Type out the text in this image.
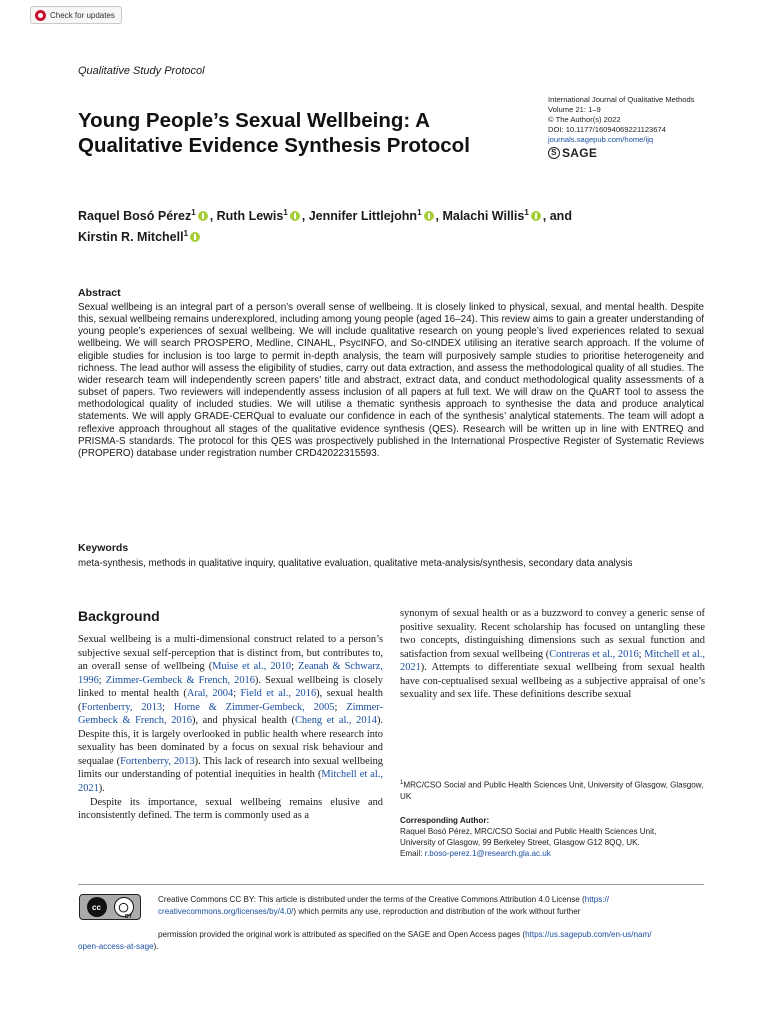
Check for updates
Qualitative Study Protocol
Young People’s Sexual Wellbeing: A Qualitative Evidence Synthesis Protocol
International Journal of Qualitative Methods
Volume 21: 1–9
© The Author(s) 2022
DOI: 10.1177/16094069221123674
journals.sagepub.com/home/ijq
S SAGE
Raquel Bosó Pérez$^1$ , Ruth Lewis$^1$ , Jennifer Littlejohn$^1$ , Malachi Willis$^1$ , and
Kirstin R. Mitchell$^1$
Abstract

Sexual wellbeing is an integral part of a person’s overall sense of wellbeing. It is closely linked to physical, sexual, and mental health. Despite this, sexual wellbeing remains underexplored, including among young people (aged 16–24). This review aims to gain a greater understanding of young people’s experiences of sexual wellbeing. We will include qualitative research on young people’s lived experiences related to sexual wellbeing. We will search PROSPERO, Medline, CINAHL, PsycINFO, and So-cINDEX utilising an iterative search approach. If the volume of eligible studies for inclusion is too large to permit in-depth analysis, the team will purposively sample studies to prioritise heterogeneity and richness. The lead author will assess the eligibility of studies, carry out data extraction, and assess the methodological quality of all studies. The wider research team will independently screen papers’ title and abstract, extract data, and conduct methodological quality assessments of a subset of papers. Two reviewers will independently assess inclusion of all papers at full text. We will draw on the QuART tool to assess the methodological quality of included studies. We will utilise a thematic synthesis approach to synthesise the data and produce analytical statements. We will apply GRADE-CERQual to evaluate our confidence in each of the synthesis’ analytical statements. The team will adopt a reflexive approach throughout all stages of the qualitative evidence synthesis (QES). Research will be written up in line with ENTREQ and PRISMA-S standards. The protocol for this QES was prospectively published in the International Prospective Register of Systematic Reviews (PROPERO) database under registration number CRD42022315593.

Keywords
meta-synthesis, methods in qualitative inquiry, qualitative evaluation, qualitative meta-analysis/synthesis, secondary data analysis
Background

Sexual wellbeing is a multi-dimensional construct related to a person’s subjective sexual self-perception that is distinct from, but contributes to, an overall sense of wellbeing (Muise et al., 2010; Zeanah & Schwarz, 1996; Zimmer-Gembeck & French, 2016). Sexual wellbeing is closely linked to mental health (Aral, 2004; Field et al., 2016), sexual health (Fortenberry, 2013; Horne & Zimmer-Gembeck, 2005; Zimmer-Gembeck & French, 2016), and physical health (Cheng et al., 2014). Despite this, it is largely overlooked in public health where research into sexuality has been dominated by a focus on sexual risk behaviour and sequalae (Fortenberry, 2013). This lack of research into sexual wellbeing limits our understanding of potential inequities in health (Mitchell et al., 2021).

Despite its importance, sexual wellbeing remains elusive and inconsistently defined. The term is commonly used as a

synonym of sexual health or as a buzzword to convey a generic sense of positive sexuality. Recent scholarship has focused on untangling these two concepts, distinguishing dimensions such as sexual function and satisfaction from sexual wellbeing (Contreras et al., 2016; Mitchell et al., 2021). Attempts to differentiate sexual wellbeing from sexual health have con-ceptualised sexual wellbeing as a subjective appraisal of one’s sexuality and sex life. These definitions describe sexual

$^1$MRC/CSO Social and Public Health Sciences Unit, University of Glasgow, Glasgow, UK
Corresponding Author:
Raquel Bosó Pérez, MRC/CSO Social and Public Health Sciences Unit,
University of Glasgow, 99 Berkeley Street, Glasgow G12 8QQ, UK.
Email: r.boso-perez.1@research.gla.ac.uk
cc	◯
BY
Creative Commons CC BY: This article is distributed under the terms of the Creative Commons Attribution 4.0 License (https://
creativecommons.org/licenses/by/4.0/) which permits any use, reproduction and distribution of the work without further
permission provided the original work is attributed as specified on the SAGE and Open Access pages (https://us.sagepub.com/en-us/nam/
open-access-at-sage).
